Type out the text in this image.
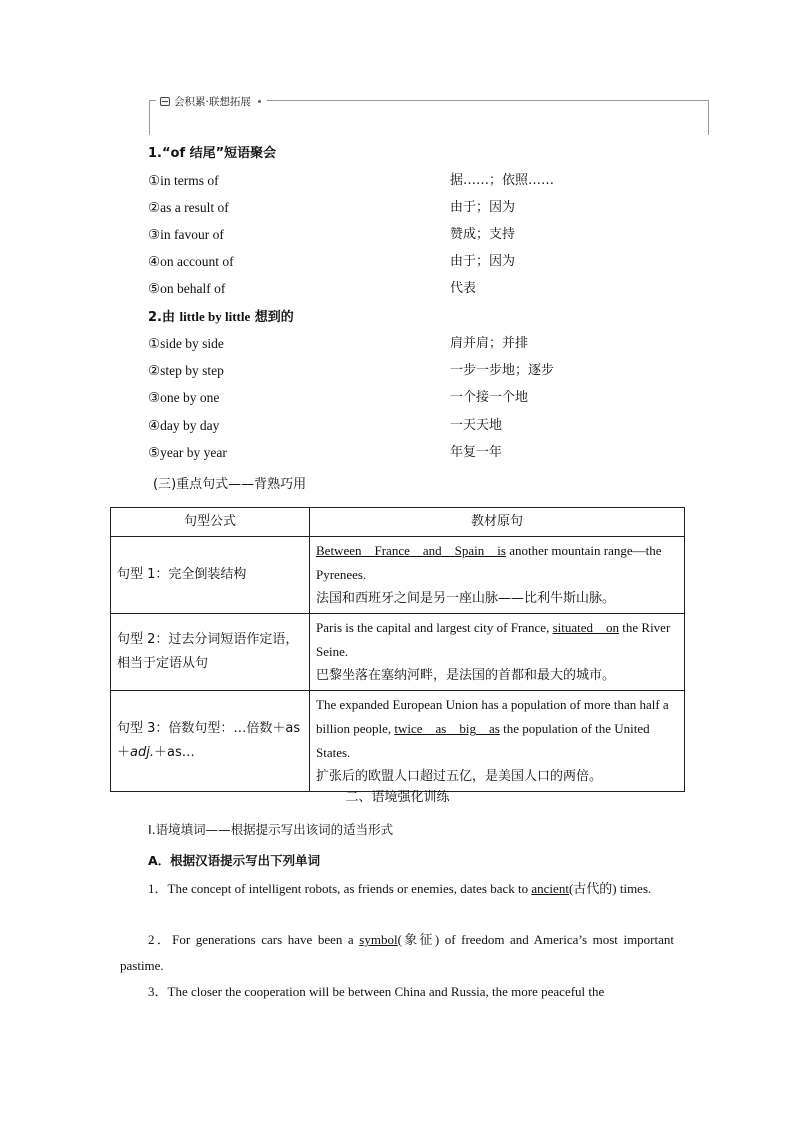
会积累·联想拓展
1.“of 结尾”短语聚会
①in terms of	据……；依照……
②as a result of	由于；因为
③in favour of	赞成；支持
④on account of	由于；因为
⑤on behalf of	代表
2.由 little by little 想到的
①side by side	肩并肩；并排
②step by step	一步一步地；逐步
③one by one	一个接一个地
④day by day	一天天地
⑤year by year	年复一年
(三)重点句式——背熟巧用
句型公式	教材原句
句型 1：完全倒装结构	Between France and Spain is another mountain range—the Pyrenees.
法国和西班牙之间是另一座山脉——比利牛斯山脉。

句型 2：过去分词短语作定语，相当于定语从句	Paris is the capital and largest city of France, situated on the River Seine.
巴黎坐落在塞纳河畔，是法国的首都和最大的城市。

句型 3：倍数句型：…倍数＋as＋adj.＋as…	The expanded European Union has a population of more than half a billion people, twice as big as the population of the United States.
扩张后的欧盟人口超过五亿，是美国人口的两倍。
二、语境强化训练
Ⅰ.语境填词——根据提示写出该词的适当形式
A．根据汉语提示写出下列单词
1．The concept of intelligent robots, as friends or enemies, dates back to ancient(古代的) times.
2．For generations cars have been a symbol(象征) of freedom and America’s most important pastime.
3．The closer the cooperation will be between China and Russia, the more peaceful the
